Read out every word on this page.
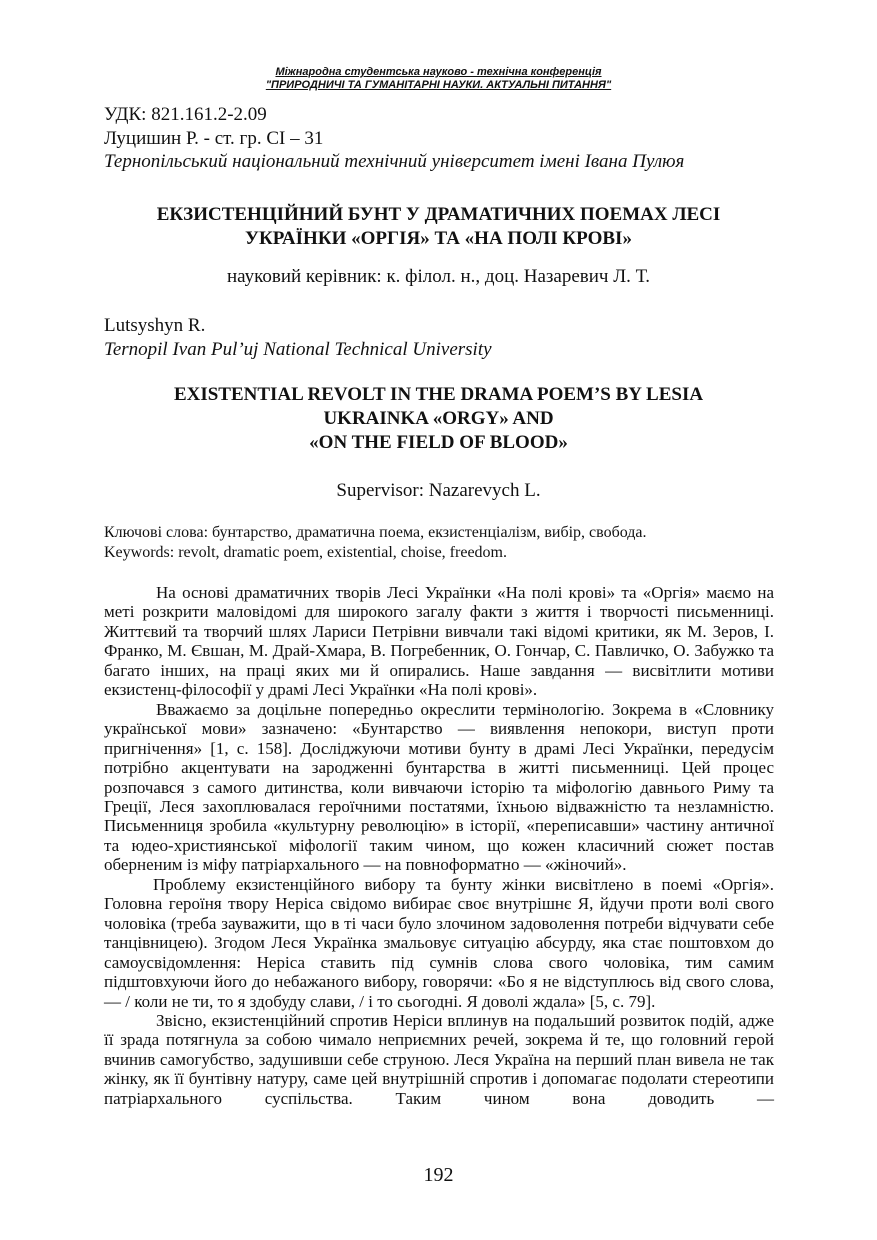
Міжнародна студентська науково - технічна конференція
"ПРИРОДНИЧІ ТА ГУМАНІТАРНІ НАУКИ. АКТУАЛЬНІ ПИТАННЯ"
УДК: 821.161.2-2.09
Луцишин Р. - ст. гр. СІ – 31
Тернопільський національний технічний університет імені Івана Пулюя
ЕКЗИСТЕНЦІЙНИЙ БУНТ У ДРАМАТИЧНИХ ПОЕМАХ ЛЕСІ
УКРАЇНКИ «ОРГІЯ» ТА «НА ПОЛІ КРОВІ»
науковий керівник: к. філол. н., доц. Назаревич Л. Т.
Lutsyshyn R.
Ternopil Ivan Pul’uj National Technical University
EXISTENTIAL REVOLT IN THE DRAMA POEM’S BY LESIA
UKRAINKA «ORGY» AND
«ON THE FIELD OF BLOOD»
Supervisor: Nazarevych L.
Ключові слова: бунтарство, драматична поема, екзистенціалізм, вибір, свобода.
Keywords: revolt, dramatic poem, existential, choise, freedom.

На основі драматичних творів Лесі Українки «На полі крові» та «Оргія» маємо на меті розкрити маловідомі для широкого загалу факти з життя і творчості письменниці. Життєвий та творчий шлях Лариси Петрівни вивчали такі відомі критики, як М. Зеров, І. Франко, М. Євшан, М. Драй-Хмара, В. Погребенник, О. Гончар, С. Павличко, О. Забужко та багато інших, на праці яких ми й опирались. Наше завдання — висвітлити мотиви екзистенц-філософії у драмі Лесі Українки «На полі крові».

Вважаємо за доцільне попередньо окреслити термінологію. Зокрема в «Словнику української мови» зазначено: «Бунтарство — виявлення непокори, виступ проти пригнічення» [1, с. 158]. Досліджуючи мотиви бунту в драмі Лесі Українки, передусім потрібно акцентувати на зародженні бунтарства в житті письменниці. Цей процес розпочався з самого дитинства, коли вивчаючи історію та міфологію давнього Риму та Греції, Леся захоплювалася героїчними постатями, їхньою відважністю та незламністю. Письменниця зробила «культурну революцію» в історії, «переписавши» частину античної та юдео-християнської міфології таким чином, що кожен класичний сюжет постав оберненим із міфу патріархального — на повноформатно — «жіночий».

Проблему екзистенційного вибору та бунту жінки висвітлено в поемі «Оргія». Головна героїня твору Неріса свідомо вибирає своє внутрішнє Я, йдучи проти волі свого чоловіка (треба зауважити, що в ті часи було злочином задоволення потреби відчувати себе танцівницею). Згодом Леся Українка змальовує ситуацію абсурду, яка стає поштовхом до самоусвідомлення: Неріса ставить під сумнів слова свого чоловіка, тим самим підштовхуючи його до небажаного вибору, говорячи: «Бо я не відступлюсь від свого слова, — / коли не ти, то я здобуду слави, / і то сьогодні. Я доволі ждала» [5, с. 79].

Звісно, екзистенційний спротив Неріси вплинув на подальший розвиток подій, адже її зрада потягнула за собою чимало неприємних речей, зокрема й те, що головний герой вчинив самогубство, задушивши себе струною. Леся Україна на перший план вивела не так жінку, як її бунтівну натуру, саме цей внутрішній спротив і допомагає подолати стереотипи патріархального суспільства. Таким чином вона доводить —

192
